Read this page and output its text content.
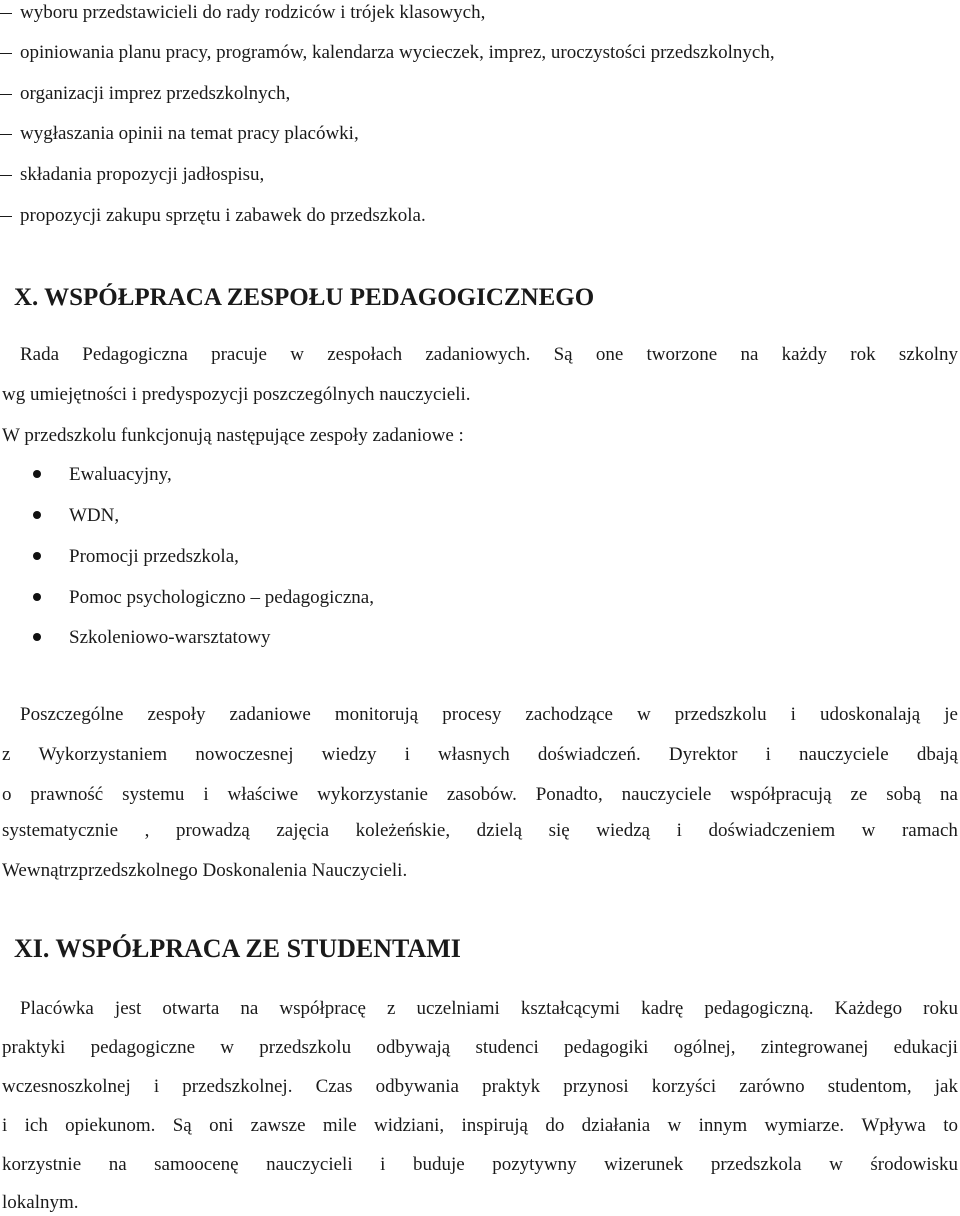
wyboru przedstawicieli do rady rodziców i trójek klasowych,
opiniowania planu pracy, programów, kalendarza wycieczek, imprez, uroczystości przedszkolnych,
organizacji imprez przedszkolnych,
wygłaszania opinii na temat pracy placówki,
składania propozycji jadłospisu,
propozycji zakupu sprzętu i zabawek do przedszkola.
X. WSPÓŁPRACA ZESPOŁU PEDAGOGICZNEGO
Rada Pedagogiczna pracuje w zespołach zadaniowych. Są one tworzone na każdy rok szkolny
wg umiejętności i predyspozycji poszczególnych nauczycieli.
W przedszkolu funkcjonują następujące zespoły zadaniowe :
Ewaluacyjny,
WDN,
Promocji przedszkola,
Pomoc psychologiczno – pedagogiczna,
Szkoleniowo-warsztatowy
Poszczególne zespoły zadaniowe monitorują procesy zachodzące w przedszkolu i udoskonalają je
z Wykorzystaniem nowoczesnej wiedzy i własnych doświadczeń. Dyrektor i nauczyciele dbają
o prawność systemu i właściwe wykorzystanie zasobów. Ponadto, nauczyciele współpracują ze sobą na
systematycznie , prowadzą zajęcia koleżeńskie, dzielą się wiedzą i doświadczeniem w ramach
Wewnątrzprzedszkolnego Doskonalenia Nauczycieli.
XI. WSPÓŁPRACA ZE STUDENTAMI
Placówka jest otwarta na współpracę z uczelniami kształcącymi kadrę pedagogiczną. Każdego roku
praktyki pedagogiczne w przedszkolu odbywają studenci pedagogiki ogólnej, zintegrowanej edukacji
wczesnoszkolnej i przedszkolnej. Czas odbywania praktyk przynosi korzyści zarówno studentom, jak
i ich opiekunom. Są oni zawsze mile widziani, inspirują do działania w innym wymiarze. Wpływa to
korzystnie na samoocenę nauczycieli i buduje pozytywny wizerunek przedszkola w środowisku
lokalnym.
